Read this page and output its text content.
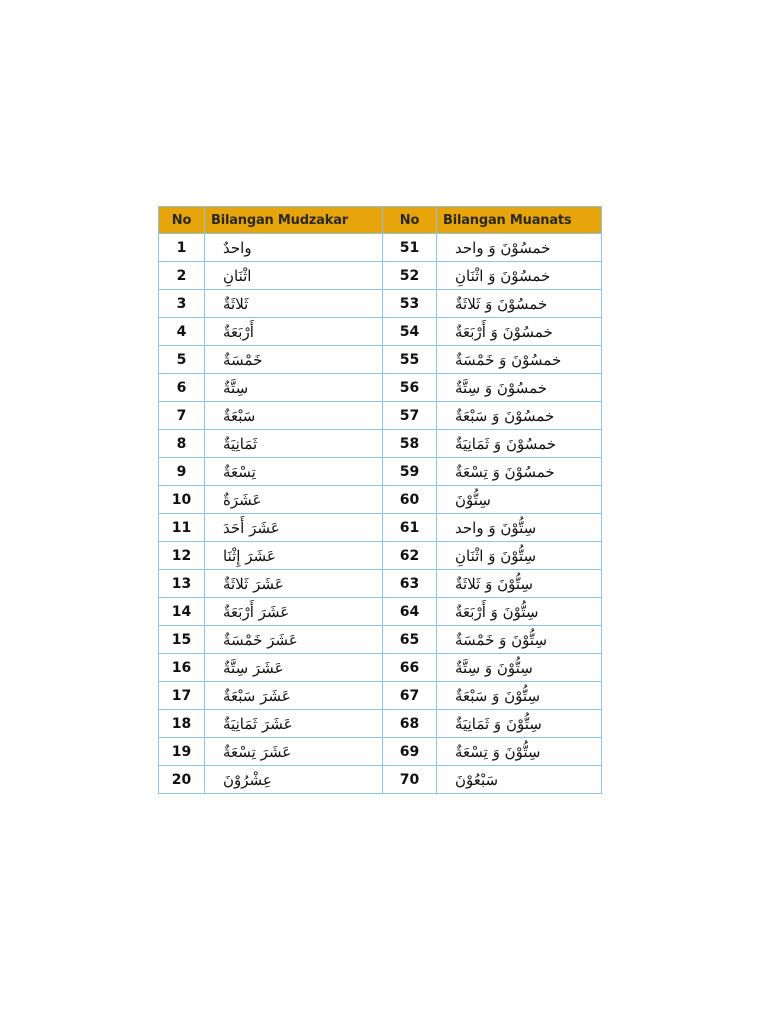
No	Bilangan Mudzakar	No	Bilangan Muanats
1	واحدٌ	51	خمسُوْنَ وَ واحد
2	اثْنَانِ	52	خمسُوْنَ وَ اثْنَانِ
3	ثَلاثَةٌ	53	خمسُوْنَ وَ ثَلاثَةٌ
4	أَرْبَعَةٌ	54	خمسُوْنَ وَ أَرْبَعَةٌ
5	خَمْسَةٌ	55	خمسُوْنَ وَ خَمْسَةٌ
6	سِتَّةٌ	56	خمسُوْنَ وَ سِتَّةٌ
7	سَبْعَةٌ	57	خمسُوْنَ وَ سَبْعَةٌ
8	ثَمَانِيَةٌ	58	خمسُوْنَ وَ ثَمَانِيَةٌ
9	تِسْعَةٌ	59	خمسُوْنَ وَ تِسْعَةٌ
10	عَشَرَةٌ	60	سِتُّوْنَ
11	عَشَرَ أَحَدَ	61	سِتُّوْنَ وَ واحد
12	عَشَرَ إِثْنَا	62	سِتُّوْنَ وَ اثْنَانِ
13	عَشَرَ ثَلاثَةٌ	63	سِتُّوْنَ وَ ثَلاثَةٌ
14	عَشَرَ أَرْبَعَةٌ	64	سِتُّوْنَ وَ أَرْبَعَةٌ
15	عَشَرَ خَمْسَةٌ	65	سِتُّوْنَ وَ خَمْسَةٌ
16	عَشَرَ سِتَّةٌ	66	سِتُّوْنَ وَ سِتَّةٌ
17	عَشَرَ سَبْعَةٌ	67	سِتُّوْنَ وَ سَبْعَةٌ
18	عَشَرَ ثَمَانِيَةٌ	68	سِتُّوْنَ وَ ثَمَانِيَةٌ
19	عَشَرَ تِسْعَةٌ	69	سِتُّوْنَ وَ تِسْعَةٌ
20	عِشْرُوْنَ	70	سَبْعُوْنَ
